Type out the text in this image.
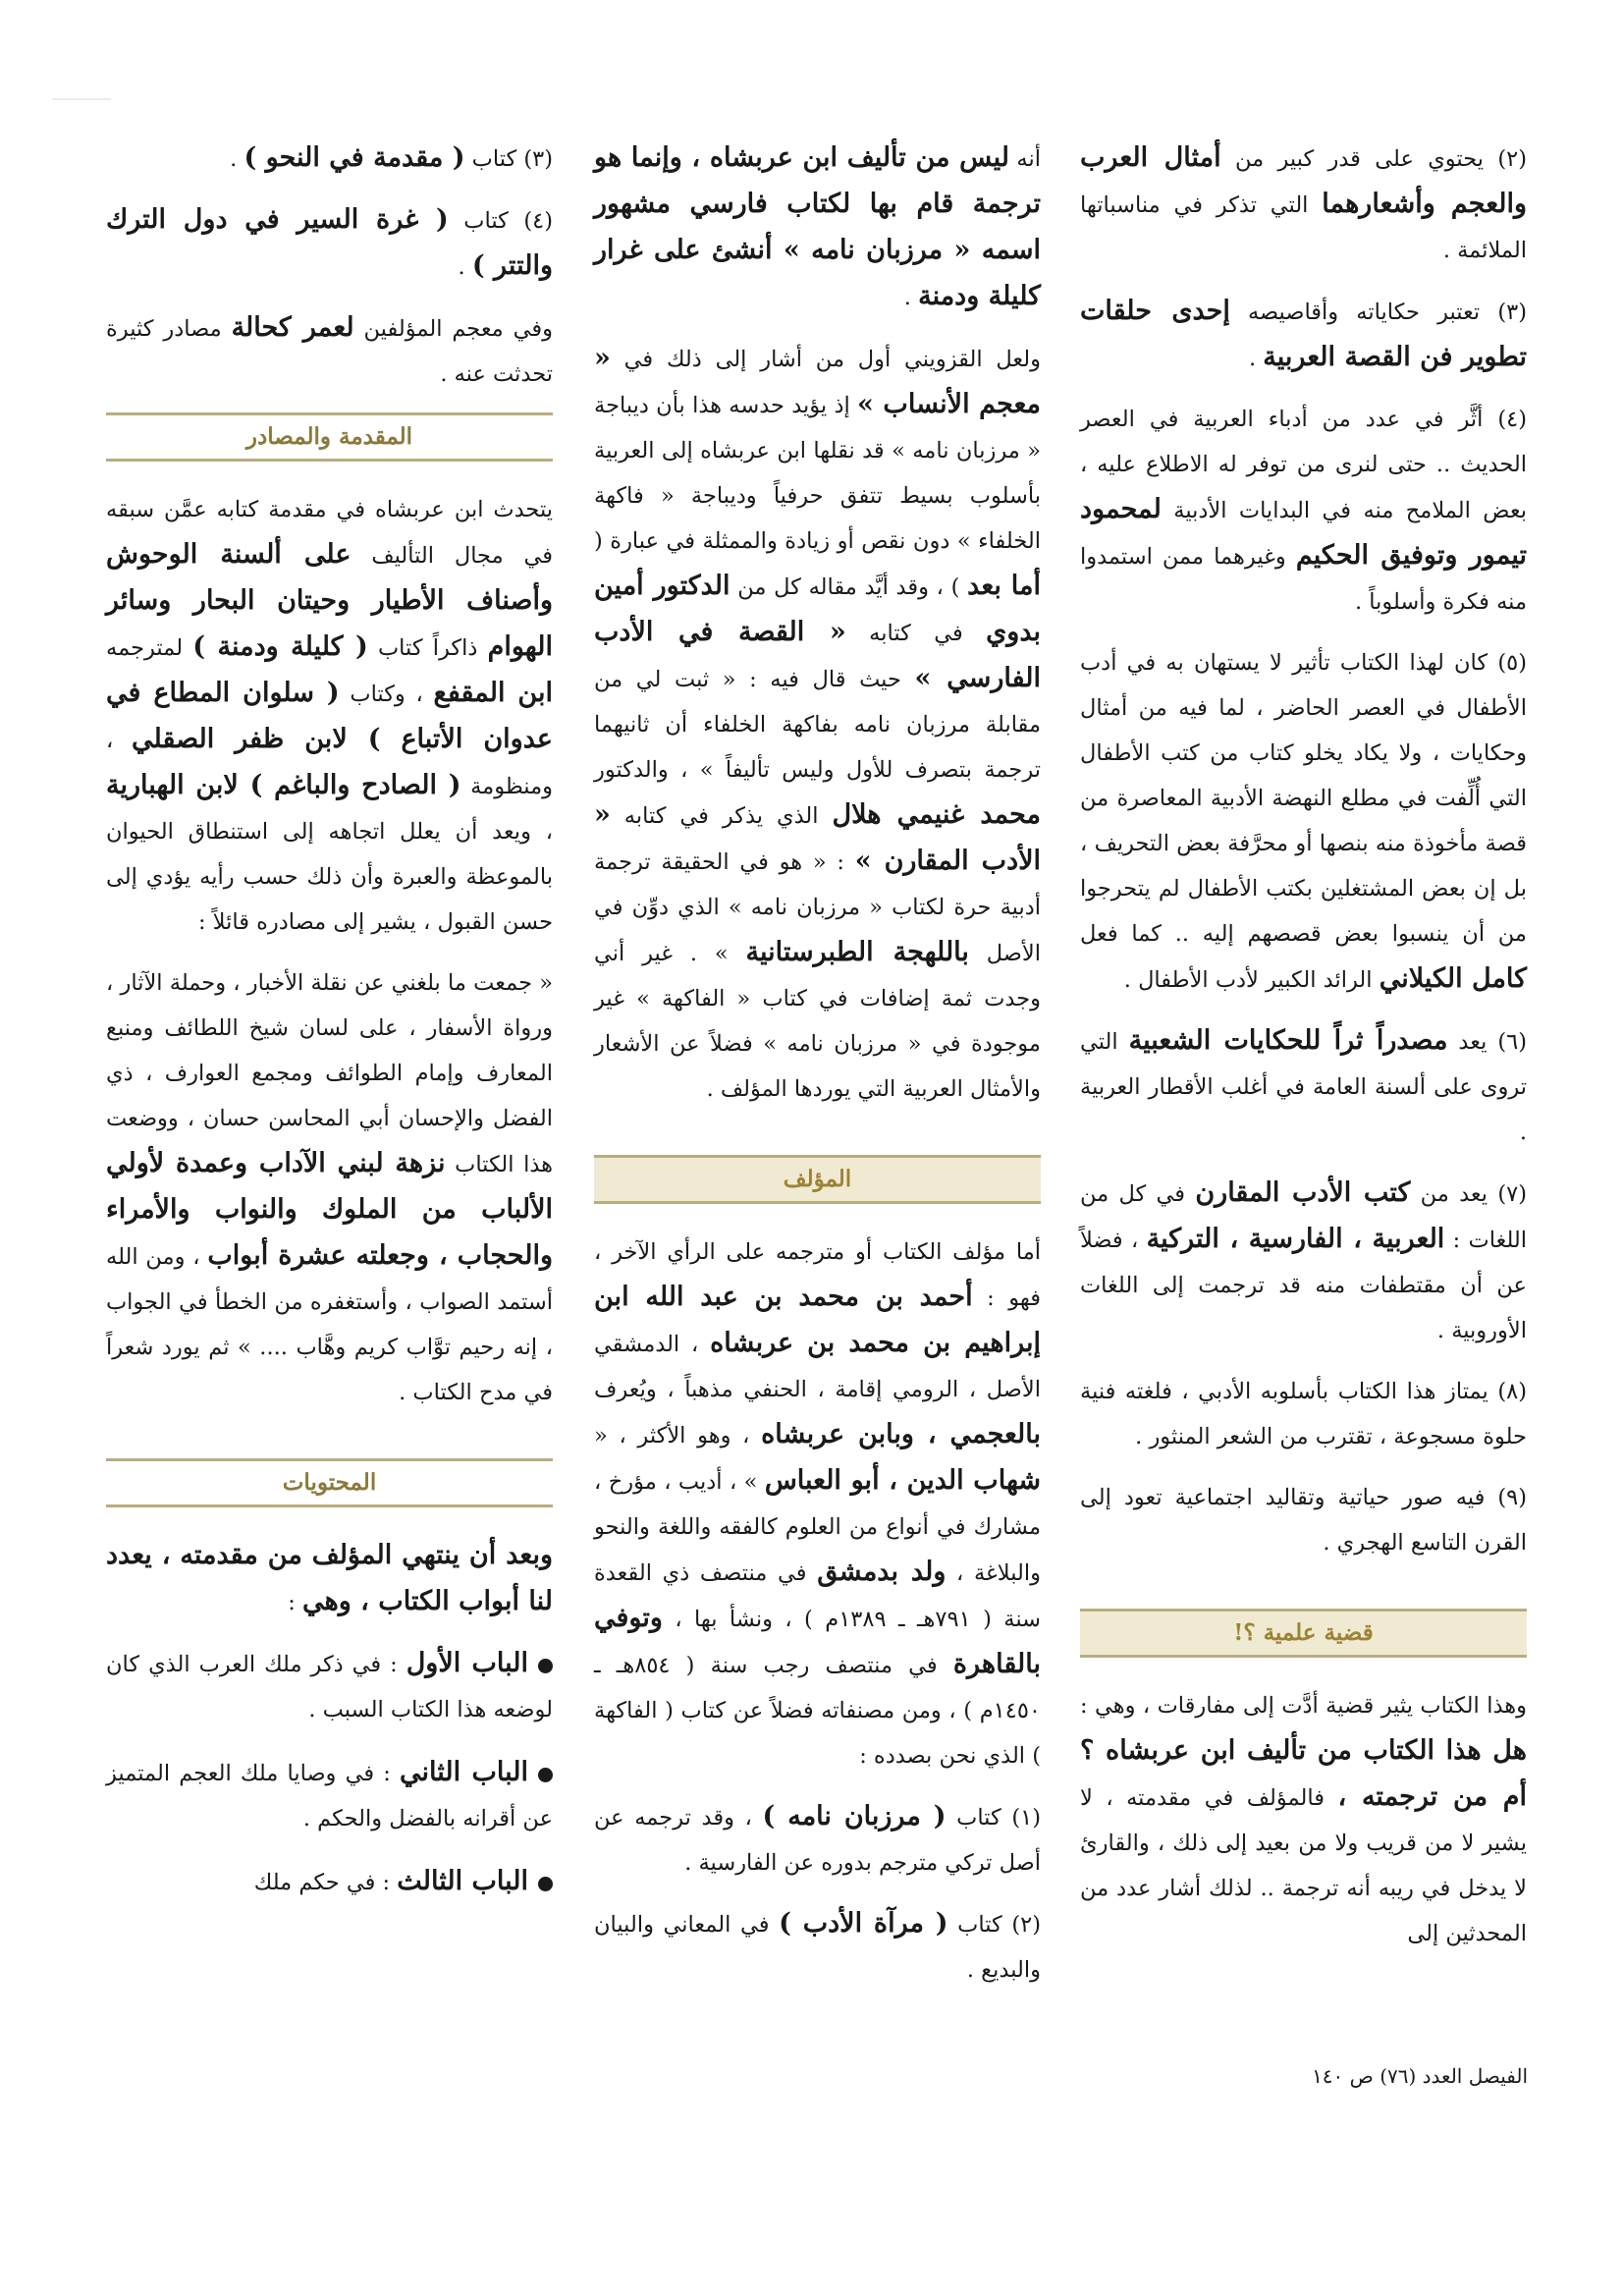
(٢) يحتوي على قدر كبير من أمثال العرب والعجم وأشعارهما التي تذكر في مناسباتها الملائمة .

(٣) تعتبر حكاياته وأقاصيصه إحدى حلقات تطوير فن القصة العربية .

(٤) أثَّر في عدد من أدباء العربية في العصر الحديث .. حتى لنرى من توفر له الاطلاع عليه ، بعض الملامح منه في البدايات الأدبية لمحمود تيمور وتوفيق الحكيم وغيرهما ممن استمدوا منه فكرة وأسلوباً .

(٥) كان لهذا الكتاب تأثير لا يستهان به في أدب الأطفال في العصر الحاضر ، لما فيه من أمثال وحكايات ، ولا يكاد يخلو كتاب من كتب الأطفال التي أُلِّفت في مطلع النهضة الأدبية المعاصرة من قصة مأخوذة منه بنصها أو محرَّفة بعض التحريف ، بل إن بعض المشتغلين بكتب الأطفال لم يتحرجوا من أن ينسبوا بعض قصصهم إليه .. كما فعل كامل الكيلاني الرائد الكبير لأدب الأطفال .

(٦) يعد مصدراً ثراً للحكايات الشعبية التي تروى على ألسنة العامة في أغلب الأقطار العربية .

(٧) يعد من كتب الأدب المقارن في كل من اللغات : العربية ، الفارسية ، التركية ، فضلاً عن أن مقتطفات منه قد ترجمت إلى اللغات الأوروبية .

(٨) يمتاز هذا الكتاب بأسلوبه الأدبي ، فلغته فنية حلوة مسجوعة ، تقترب من الشعر المنثور .

(٩) فيه صور حياتية وتقاليد اجتماعية تعود إلى القرن التاسع الهجري .

قضية علمية ؟!

وهذا الكتاب يثير قضية أدَّت إلى مفارقات ، وهي : هل هذا الكتاب من تأليف ابن عربشاه ؟ أم من ترجمته ، فالمؤلف في مقدمته ، لا يشير لا من قريب ولا من بعيد إلى ذلك ، والقارئ لا يدخل في ريبه أنه ترجمة .. لذلك أشار عدد من المحدثين إلى

أنه ليس من تأليف ابن عربشاه ، وإنما هو ترجمة قام بها لكتاب فارسي مشهور اسمه « مرزبان نامه » أنشئ على غرار كليلة ودمنة .

ولعل القزويني أول من أشار إلى ذلك في « معجم الأنساب » إذ يؤيد حدسه هذا بأن ديباجة « مرزبان نامه » قد نقلها ابن عربشاه إلى العربية بأسلوب بسيط تتفق حرفياً وديباجة « فاكهة الخلفاء » دون نقص أو زيادة والممثلة في عبارة ( أما بعد ) ، وقد أيَّد مقاله كل من الدكتور أمين بدوي في كتابه « القصة في الأدب الفارسي » حيث قال فيه : « ثبت لي من مقابلة مرزبان نامه بفاكهة الخلفاء أن ثانيهما ترجمة بتصرف للأول وليس تأليفاً » ، والدكتور محمد غنيمي هلال الذي يذكر في كتابه « الأدب المقارن » : « هو في الحقيقة ترجمة أدبية حرة لكتاب « مرزبان نامه » الذي دوِّن في الأصل باللهجة الطبرستانية » . غير أني وجدت ثمة إضافات في كتاب « الفاكهة » غير موجودة في « مرزبان نامه » فضلاً عن الأشعار والأمثال العربية التي يوردها المؤلف .

المؤلف

أما مؤلف الكتاب أو مترجمه على الرأي الآخر ، فهو : أحمد بن محمد بن عبد الله ابن إبراهيم بن محمد بن عربشاه ، الدمشقي الأصل ، الرومي إقامة ، الحنفي مذهباً ، ويُعرف بالعجمي ، وبابن عربشاه ، وهو الأكثر ، « شهاب الدين ، أبو العباس » ، أديب ، مؤرخ ، مشارك في أنواع من العلوم كالفقه واللغة والنحو والبلاغة ، ولد بدمشق في منتصف ذي القعدة سنة ( ٧٩١هـ ـ ١٣٨٩م ) ، ونشأ بها ، وتوفي بالقاهرة في منتصف رجب سنة ( ٨٥٤هـ ـ ١٤٥٠م ) ، ومن مصنفاته فضلاً عن كتاب ( الفاكهة ) الذي نحن بصدده :

(١) كتاب ( مرزبان نامه ) ، وقد ترجمه عن أصل تركي مترجم بدوره عن الفارسية .

(٢) كتاب ( مرآة الأدب ) في المعاني والبيان والبديع .

(٣) كتاب ( مقدمة في النحو ) .

(٤) كتاب ( غرة السير في دول الترك والتتر ) .

وفي معجم المؤلفين لعمر كحالة مصادر كثيرة تحدثت عنه .

المقدمة والمصادر

يتحدث ابن عربشاه في مقدمة كتابه عمَّن سبقه في مجال التأليف على ألسنة الوحوش وأصناف الأطيار وحيتان البحار وسائر الهوام ذاكراً كتاب ( كليلة ودمنة ) لمترجمه ابن المقفع ، وكتاب ( سلوان المطاع في عدوان الأتباع ) لابن ظفر الصقلي ، ومنظومة ( الصادح والباغم ) لابن الهبارية ، ويعد أن يعلل اتجاهه إلى استنطاق الحيوان بالموعظة والعبرة وأن ذلك حسب رأيه يؤدي إلى حسن القبول ، يشير إلى مصادره قائلاً :

« جمعت ما بلغني عن نقلة الأخبار ، وحملة الآثار ، ورواة الأسفار ، على لسان شيخ اللطائف ومنبع المعارف وإمام الطوائف ومجمع العوارف ، ذي الفضل والإحسان أبي المحاسن حسان ، ووضعت هذا الكتاب نزهة لبني الآداب وعمدة لأولي الألباب من الملوك والنواب والأمراء والحجاب ، وجعلته عشرة أبواب ، ومن الله أستمد الصواب ، وأستغفره من الخطأ في الجواب ، إنه رحيم توَّاب كريم وهَّاب .... » ثم يورد شعراً في مدح الكتاب .

المحتويات

وبعد أن ينتهي المؤلف من مقدمته ، يعدد لنا أبواب الكتاب ، وهي :

الباب الأول : في ذكر ملك العرب الذي كان لوضعه هذا الكتاب السبب .

الباب الثاني : في وصايا ملك العجم المتميز عن أقرانه بالفضل والحكم .

الباب الثالث : في حكم ملك

الفيصل العدد (٧٦) ص ١٤٠
